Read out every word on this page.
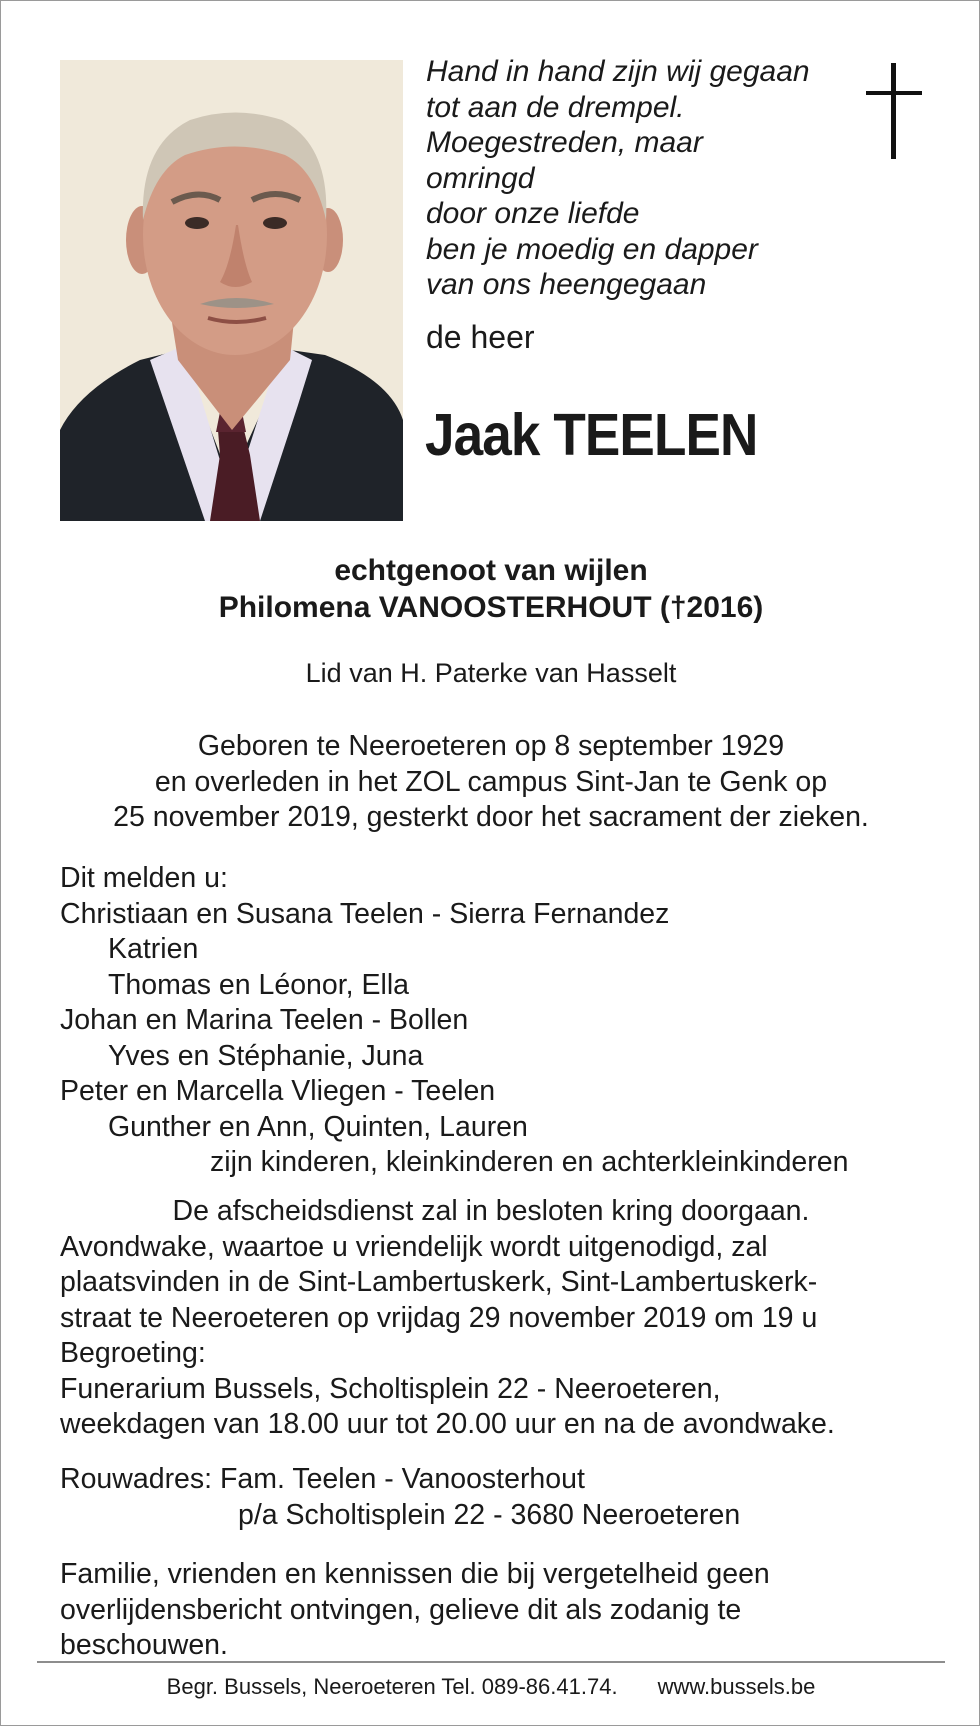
Hand in hand zijn wij gegaan
tot aan de drempel.
Moegestreden, maar
omringd
door onze liefde
ben je moedig en dapper
van ons heengegaan
de heer
Jaak TEELEN
echtgenoot van wijlen
Philomena VANOOSTERHOUT (†2016)
Lid van H. Paterke van Hasselt
Geboren te Neeroeteren op 8 september 1929
en overleden in het ZOL campus Sint-Jan te Genk op
25 november 2019, gesterkt door het sacrament der zieken.
Dit melden u:
Christiaan en Susana Teelen - Sierra Fernandez
Katrien
Thomas en Léonor, Ella
Johan en Marina Teelen - Bollen
Yves en Stéphanie, Juna
Peter en Marcella Vliegen - Teelen
Gunther en Ann, Quinten, Lauren
zijn kinderen, kleinkinderen en achterkleinkinderen
De afscheidsdienst zal in besloten kring doorgaan.
Avondwake, waartoe u vriendelijk wordt uitgenodigd, zal
plaatsvinden in de Sint-Lambertuskerk, Sint-Lambertuskerk-
straat te Neeroeteren op vrijdag 29 november 2019 om 19 u
Begroeting:
Funerarium Bussels, Scholtisplein 22 - Neeroeteren,
weekdagen van 18.00 uur tot 20.00 uur en na de avondwake.
Rouwadres: Fam. Teelen - Vanoosterhout
p/a Scholtisplein 22 - 3680 Neeroeteren
Familie, vrienden en kennissen die bij vergetelheid geen
overlijdensbericht ontvingen, gelieve dit als zodanig te
beschouwen.
Begr. Bussels, Neeroeteren Tel. 089-86.41.74. www.bussels.be
